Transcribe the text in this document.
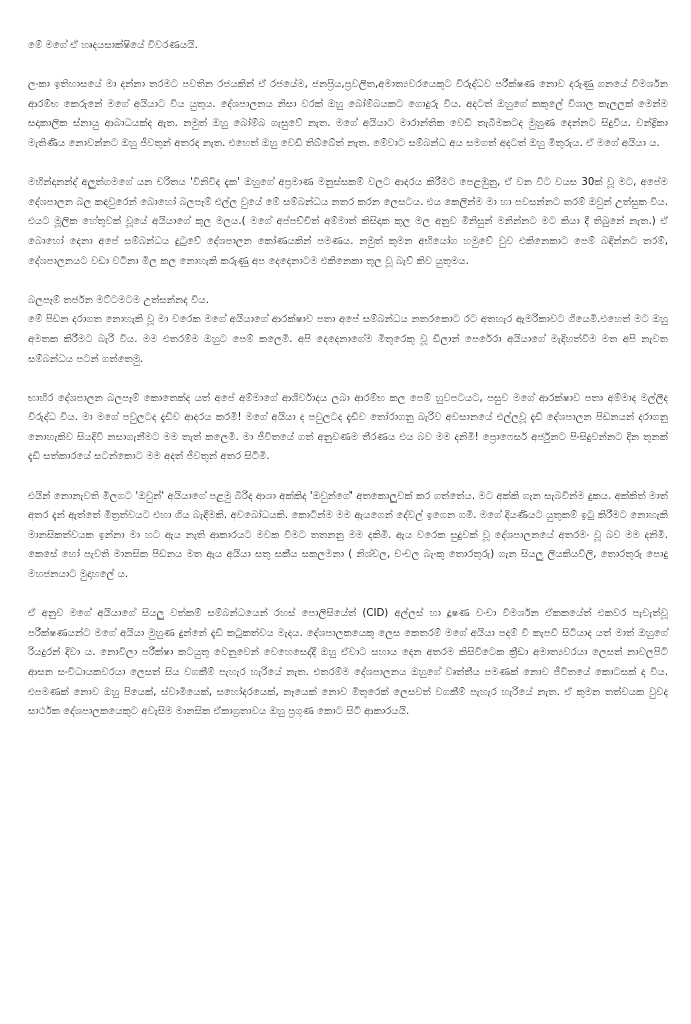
මේ මගේ ඒ හෘදයසාක්ෂියේ විවරණයයි.

ලංකා ඉතිහාසයේ මා දන්නා තරමට පවතින රජයකින් ඒ රජයේම, ජනප්‍රිය,ප්‍රවලිත,අමාත්‍යවරයෙකුට විරුද්ධව පරීක්ෂණ නොව දරුණු ගනයේ විමර්ශන ආරම්භ කෙරුනේ මගේ අයියාට විය යුතුය. දේශපාලනය නිසා වරක් ඔහු බෝම්බයකට ගොදුරු විය. අදටත් ඔහුගේ කකුලේ විශාල කැලලක් මෙන්ම සදාකාලික ස්නායු ආබාධයක්ද ඇත. නමුත් ඔහු බෝම්බ ගැසුවේ නැත. මගේ අයියාට මාරාන්තික වෙඩි තැබීමකටද මුහුණ දෙන්නට සිදුවිය. චන්ද්‍රිකා මැතිණිය නොවන්නට ඔහු ජීවතුන් අතරද නැත. එහෙත් ඔහු වෙඩි තිබ්බේත් නැත. මේවාට සම්බන්ධ අය සමගත් අදටත් ඔහු මිතුරුය. ඒ මගේ අයියා ය.

මහින්දානන්ද් අලුත්ගමගේ යන චරිතය 'විනිවිද දැක' ඔහුගේ අප්‍රමාණ මනුස්සකම් වලට ආදරය කිරීමට පෙළඹුනු, ඒ වන විට වයස 30ක් වූ මට, අපේම දේශපාලන බල කඳවුරෙන් බොහෝ බලපෑම් එල්ල වුයේ මේ සම්බන්ධය නතර කරන ලෙසටය. එය කෙලින්ම මා හා පවසන්නට තරම් ඔවුන් උත්සුක විය. එයට මූලික හේතුවක් වූයේ අයියාගේ කුල මලය.( මගේ අප්පච්චිත් අම්මාත් කිසිදාක කුල මල අනුව මිනිසුන් මනින්නට මට කියා දී තිබුනේ නැත.) ඒ බොහෝ දෙනා අපේ සම්බන්ධය දුටුවේ දේශපාලන කෝණයකින් පමණය. නමුත් කුමන අභියෝග හමුවේ වුව එකිනෙකාට පෙම් බඳින්නට තරම්, දේශපාලනයට වඩා වටිනා මිල කල නොහැකි කරුණු අප දෙදෙනාටම එකිනෙකා තුල වූ බැව් කිව යුතුමය.

බලපෑම් තර්ජන මට්ටමටම උත්සන්නද විය.

මේ පිඩන දරාගත නොහැකි වූ මා වරෙක මගේ අයියාගේ ආරක්ෂාව පතා අපේ සම්බන්ධය නතරකොට රට අතහැර ඇමරිකාවට ගියෙමි.එහෙත් මට ඔහු අමතක කිරීමට බැරි විය. මම එතරම්ම ඔහුට පෙම් කලෙමි. අපි දෙදෙනාගේම මිතුරෙකු වූ ඩිලාන් පෙරේරා අයියාගේ මැදිහත්වීම මත අපි නැවත සම්බන්ධය පටන් ගත්තෙමු.

භාහිර දේශපාලන බලපෑම් කොතෙක්ද යත් අපේ අම්මාගේ ආශිර්වාදය ලබා ආරම්භ කල පෙම් හුවපටයට, පසුව මගේ ආරක්ෂාව පතා අම්මාද මල්ලීද විරුද්ධ විය. මා මගේ පවුලටද දැඩිව ආදරය කරමි! මගේ අයියා ද පවුලටද දැඩිව තෝරාගනු බැරිව අවසානයේ එල්ලවූ දැඩි දේශපාලන පිඩනයන් දරාගනු නොහැකිව සියදිවි නසාගැනීමට මම තැත් කලෙමි. මා ජීවිතයේ ගත් අනුවණම තීරණය එය බව මම දනිමි! ප්‍රොෆෙසර් අර්ජුනට පිංසිදුවන්නට දින තුනක් දැඩි සත්කාරයේ සටන්කොට මම අදත් ජීවතුන් අතර සිටිමි.

එයින් නොනැවති මිලගට 'ඔවුන්' අයියාගේ පළමු බිරිද ආශා අක්කිද 'ඔවුන්ගේ' අතකොලුවක් කර ගත්තේය. මට අක්කි ගැන සැබවින්ම දුකය. අක්කිත් මාත් අතර දැන් ඇත්තේ මිත්‍රත්වයට එහා ගිය බැඳීමකි. අවබෝධයකි. කොටින්ම මම ඇයගෙන් දේවල් ඉගෙන ගමි. මගේ දියණියට යුතුකම් ඉටු කිරීමට නොහැකි මානසිකත්වයක ඉන්නා මා හට ඇය නැති ආකාරයට මවක විමට තතනනු මම දකිමි. ඇය වරෙක සුදුවක් වූ දේශපාලනයේ අතරමං වූ බව මම දනිමි. කෙසේ හෝ පැවති මානසික පිඩනය මත ඇය අයියා සතු සකීය සකලමනා ( නිශ්චල, චංචල බැංකු තොරතුරු) ගැන සියලු ලියකියවිලි, තොරතුරු පොදු මහජනයාට මුදාහලේ ය.

ඒ අනුව මගේ අයියාගේ සියලු වත්කම් සම්බන්ධයෙන් රහස් පොලිසියේත් (CID) අල්ලස් හා දූෂණ වංචා විමර්ශන ඒකකයේත් එකවර පැවැත්වූ පරීක්ෂණයන්ට මගේ අයියා මුහුණ දුන්නේ දැඩි කටුකත්වය මැදය. දේශපාලකයෙකු ලෙස කෙතරම් මගේ අයියා පදම් වී කැපවී සිටියාද යත් මාත් ඔහුගේ රියදුරන් දිවා ය. නොවිලා පරීක්ෂා කටයුතු වෙනුවෙන් වෙහෙසෙද්දී ඔහු ඒවාට සහාය දෙන අතරම කිසිවිටෙක ක්‍රීඩා අමාත්‍යවරයා ලෙසත් නාවලපිටි ආසන සංවිධායකවරයා ලෙසත් සිය වගකීම් පැහැර හැරියේ නැත. එතරම්ම දේශපාලනය ඔහුගේ වෘත්තීය පමණක් නොව ජීවිතයේ කොටසක් ද විය. එපමණක් නොව ඔහු පියෙක්, ස්වාමියෙක්, සහෝදරයෙක්, නෑයෙක් නොව මිතුරෙක් ලෙසවත් වගකීම් පැහැර හැරියේ නැත. ඒ කුමන තත්වයක වුවද සාර්ථක දේශපාලකයෙකුට අවැසිම මානසික ඒකාග්‍රතාවය ඔහු ප්‍රගුණ කොට සිටි ආකාරයයි.
